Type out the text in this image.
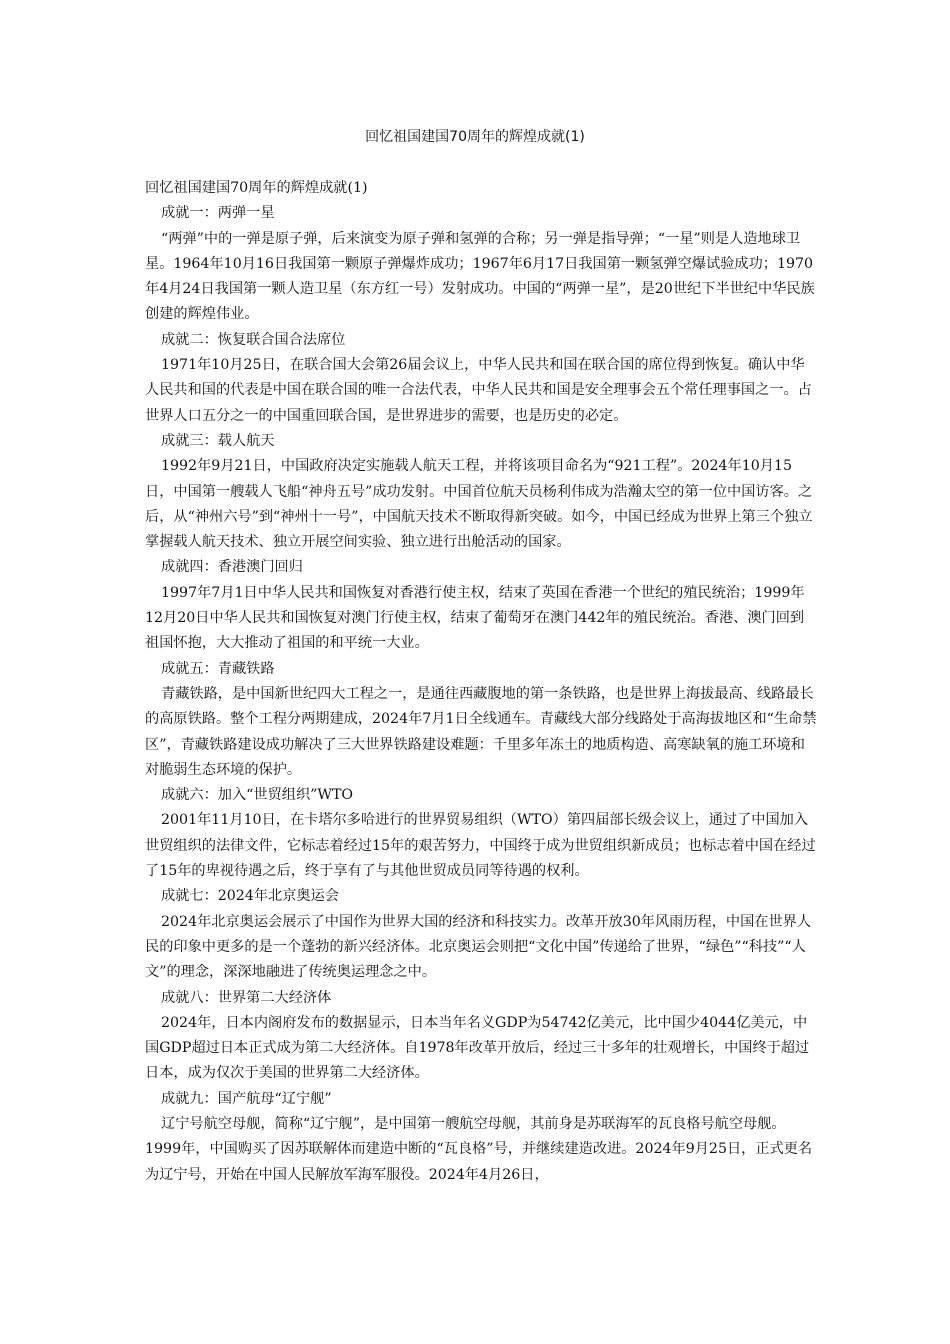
回忆祖国建国70周年的辉煌成就(1)

回忆祖国建国70周年的辉煌成就(1)

成就一：两弹一星

“两弹”中的一弹是原子弹，后来演变为原子弹和氢弹的合称；另一弹是指导弹；“一星”则是人造地球卫星。1964年10月16日我国第一颗原子弹爆炸成功；1967年6月17日我国第一颗氢弹空爆试验成功；1970年4月24日我国第一颗人造卫星（东方红一号）发射成功。中国的“两弹一星”，是20世纪下半世纪中华民族创建的辉煌伟业。

成就二：恢复联合国合法席位

1971年10月25日，在联合国大会第26届会议上，中华人民共和国在联合国的席位得到恢复。确认中华人民共和国的代表是中国在联合国的唯一合法代表，中华人民共和国是安全理事会五个常任理事国之一。占世界人口五分之一的中国重回联合国，是世界进步的需要，也是历史的必定。

成就三：载人航天

1992年9月21日，中国政府决定实施载人航天工程，并将该项目命名为“921工程”。2024年10月15日，中国第一艘载人飞船“神舟五号”成功发射。中国首位航天员杨利伟成为浩瀚太空的第一位中国访客。之后，从“神州六号”到“神州十一号”，中国航天技术不断取得新突破。如今，中国已经成为世界上第三个独立掌握载人航天技术、独立开展空间实验、独立进行出舱活动的国家。

成就四：香港澳门回归

1997年7月1日中华人民共和国恢复对香港行使主权，结束了英国在香港一个世纪的殖民统治；1999年12月20日中华人民共和国恢复对澳门行使主权，结束了葡萄牙在澳门442年的殖民统治。香港、澳门回到祖国怀抱，大大推动了祖国的和平统一大业。

成就五：青藏铁路

青藏铁路，是中国新世纪四大工程之一，是通往西藏腹地的第一条铁路，也是世界上海拔最高、线路最长的高原铁路。整个工程分两期建成，2024年7月1日全线通车。青藏线大部分线路处于高海拔地区和“生命禁区”，青藏铁路建设成功解决了三大世界铁路建设难题：千里多年冻土的地质构造、高寒缺氧的施工环境和对脆弱生态环境的保护。

成就六：加入“世贸组织”WTO

2001年11月10日，在卡塔尔多哈进行的世界贸易组织（WTO）第四届部长级会议上，通过了中国加入世贸组织的法律文件，它标志着经过15年的艰苦努力，中国终于成为世贸组织新成员；也标志着中国在经过了15年的卑视待遇之后，终于享有了与其他世贸成员同等待遇的权利。

成就七：2024年北京奥运会

2024年北京奥运会展示了中国作为世界大国的经济和科技实力。改革开放30年风雨历程，中国在世界人民的印象中更多的是一个蓬勃的新兴经济体。北京奥运会则把“文化中国”传递给了世界，“绿色”“科技”“人文”的理念，深深地融进了传统奥运理念之中。

成就八：世界第二大经济体

2024年，日本内阁府发布的数据显示，日本当年名义GDP为54742亿美元，比中国少4044亿美元，中国GDP超过日本正式成为第二大经济体。自1978年改革开放后，经过三十多年的壮观增长，中国终于超过日本，成为仅次于美国的世界第二大经济体。

成就九：国产航母“辽宁舰”

辽宁号航空母舰，简称“辽宁舰”，是中国第一艘航空母舰，其前身是苏联海军的瓦良格号航空母舰。1999年，中国购买了因苏联解体而建造中断的“瓦良格”号，并继续建造改进。2024年9月25日，正式更名为辽宁号，开始在中国人民解放军海军服役。2024年4月26日，
